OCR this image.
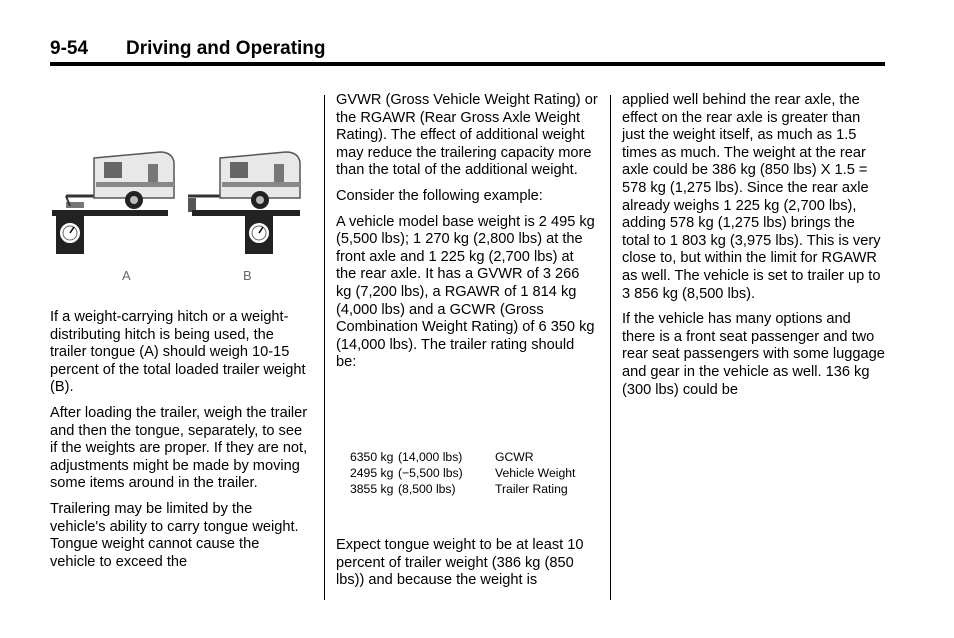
9-54 Driving and Operating
A	B

If a weight-carrying hitch or a weight-distributing hitch is being used, the trailer tongue (A) should weigh 10-15 percent of the total loaded trailer weight (B).

After loading the trailer, weigh the trailer and then the tongue, separately, to see if the weights are proper. If they are not, adjustments might be made by moving some items around in the trailer.

Trailering may be limited by the vehicle's ability to carry tongue weight. Tongue weight cannot cause the vehicle to exceed the

GVWR (Gross Vehicle Weight Rating) or the RGAWR (Rear Gross Axle Weight Rating). The effect of additional weight may reduce the trailering capacity more than the total of the additional weight.

Consider the following example:

A vehicle model base weight is 2 495 kg (5,500 lbs); 1 270 kg (2,800 lbs) at the front axle and 1 225 kg (2,700 lbs) at the rear axle. It has a GVWR of 3 266 kg (7,200 lbs), a RGAWR of 1 814 kg (4,000 lbs) and a GCWR (Gross Combination Weight Rating) of 6 350 kg (14,000 lbs). The trailer rating should be:

6350 kg (14,000 lbs)	GCWR
2495 kg (−5,500 lbs)	Vehicle Weight
3855 kg (8,500 lbs)	Trailer Rating

Expect tongue weight to be at least 10 percent of trailer weight (386 kg (850 lbs)) and because the weight is

applied well behind the rear axle, the effect on the rear axle is greater than just the weight itself, as much as 1.5 times as much. The weight at the rear axle could be 386 kg (850 lbs) X 1.5 = 578 kg (1,275 lbs). Since the rear axle already weighs 1 225 kg (2,700 lbs), adding 578 kg (1,275 lbs) brings the total to 1 803 kg (3,975 lbs). This is very close to, but within the limit for RGAWR as well. The vehicle is set to trailer up to 3 856 kg (8,500 lbs).

If the vehicle has many options and there is a front seat passenger and two rear seat passengers with some luggage and gear in the vehicle as well. 136 kg (300 lbs) could be
